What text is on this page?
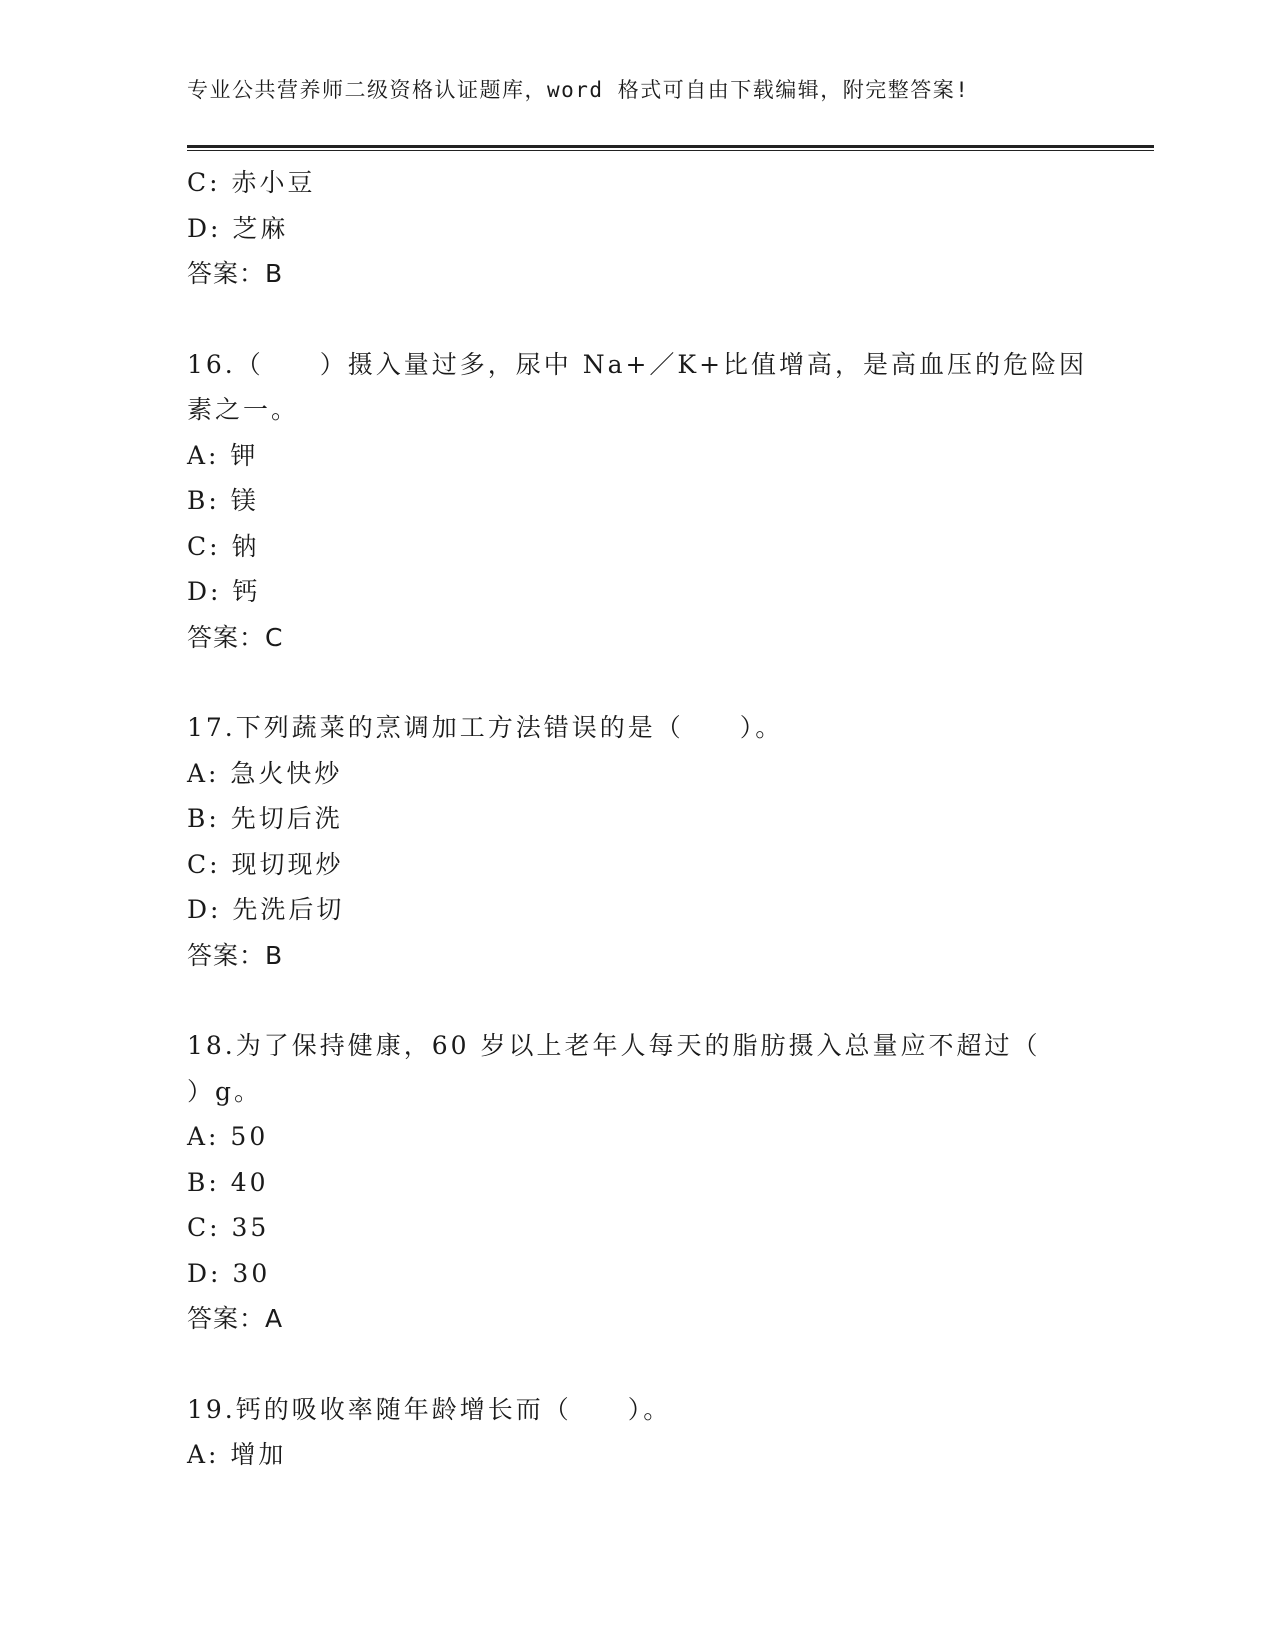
专业公共营养师二级资格认证题库，word 格式可自由下载编辑，附完整答案!
C: 赤小豆
D: 芝麻
答案：B
16.（　　）摄入量过多，尿中 Na+／K+比值增高，是高血压的危险因
素之一。
A: 钾
B: 镁
C: 钠
D: 钙
答案：C
17.下列蔬菜的烹调加工方法错误的是（　　）。
A: 急火快炒
B: 先切后洗
C: 现切现炒
D: 先洗后切
答案：B
18.为了保持健康，60 岁以上老年人每天的脂肪摄入总量应不超过（
）g。
A: 50
B: 40
C: 35
D: 30
答案：A
19.钙的吸收率随年龄增长而（　　）。
A: 增加
